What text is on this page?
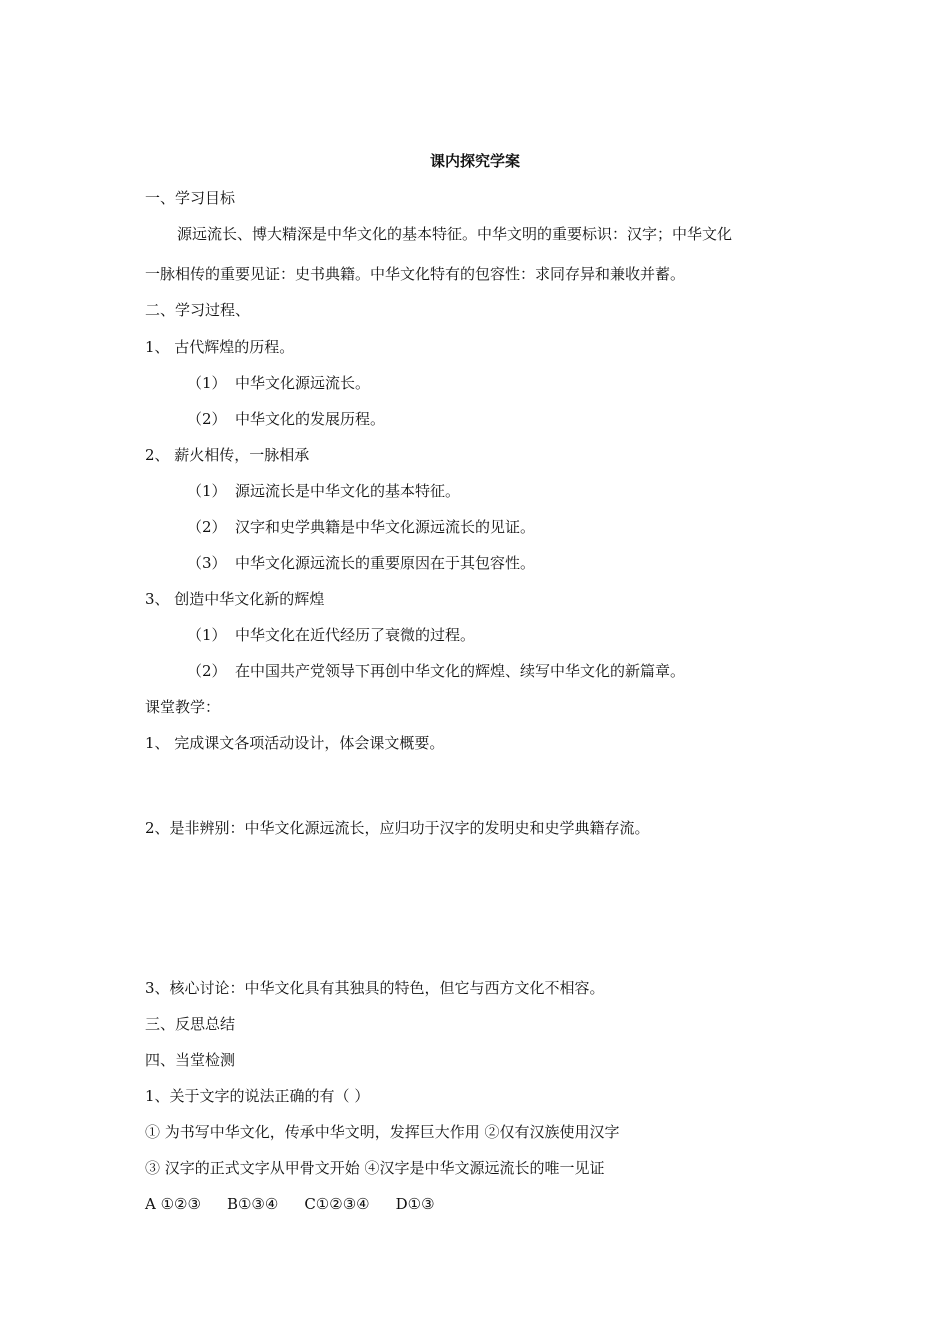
课内探究学案
一、学习目标
源远流长、博大精深是中华文化的基本特征。中华文明的重要标识：汉字；中华文化
一脉相传的重要见证：史书典籍。中华文化特有的包容性：求同存异和兼收并蓄。
二、学习过程、
1、 古代辉煌的历程。
（1） 中华文化源远流长。
（2） 中华文化的发展历程。
2、 薪火相传，一脉相承
（1） 源远流长是中华文化的基本特征。
（2） 汉字和史学典籍是中华文化源远流长的见证。
（3） 中华文化源远流长的重要原因在于其包容性。
3、 创造中华文化新的辉煌
（1） 中华文化在近代经历了衰微的过程。
（2） 在中国共产党领导下再创中华文化的辉煌、续写中华文化的新篇章。
课堂教学：
1、 完成课文各项活动设计，体会课文概要。
2、是非辨别：中华文化源远流长，应归功于汉字的发明史和史学典籍存流。
3、核心讨论：中华文化具有其独具的特色，但它与西方文化不相容。
三、反思总结
四、当堂检测
1、关于文字的说法正确的有（ ）
① 为书写中华文化，传承中华文明，发挥巨大作用 ②仅有汉族使用汉字
③ 汉字的正式文字从甲骨文开始 ④汉字是中华文源远流长的唯一见证
A ①②③ B①③④ C①②③④ D①③
